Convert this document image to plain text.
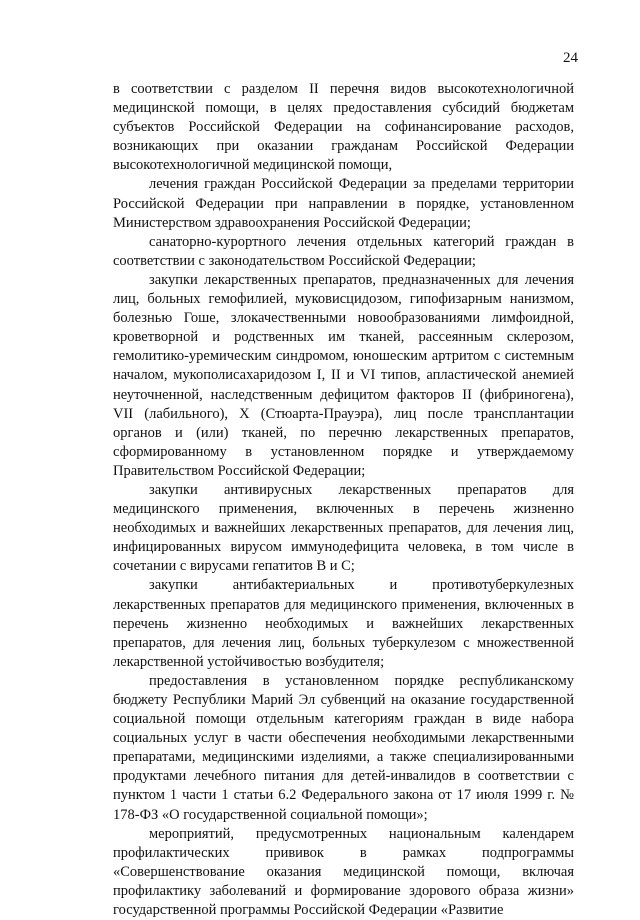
24

в соответствии с разделом II перечня видов высокотехнологичной медицинской помощи, в целях предоставления субсидий бюджетам субъектов Российской Федерации на софинансирование расходов, возникающих при оказании гражданам Российской Федерации высокотехнологичной медицинской помощи,

лечения граждан Российской Федерации за пределами территории Российской Федерации при направлении в порядке, установленном Министерством здравоохранения Российской Федерации;

санаторно-курортного лечения отдельных категорий граждан в соответствии с законодательством Российской Федерации;

закупки лекарственных препаратов, предназначенных для лечения лиц, больных гемофилией, муковисцидозом, гипофизарным нанизмом, болезнью Гоше, злокачественными новообразованиями лимфоидной, кроветворной и родственных им тканей, рассеянным склерозом, гемолитико-уремическим синдромом, юношеским артритом с системным началом, мукополисахаридозом I, II и VI типов, апластической анемией неуточненной, наследственным дефицитом факторов II (фибриногена), VII (лабильного), X (Стюарта-Прауэра), лиц после трансплантации органов и (или) тканей, по перечню лекарственных препаратов, сформированному в установленном порядке и утверждаемому Правительством Российской Федерации;

закупки антивирусных лекарственных препаратов для медицинского применения, включенных в перечень жизненно необходимых и важнейших лекарственных препаратов, для лечения лиц, инфицированных вирусом иммунодефицита человека, в том числе в сочетании с вирусами гепатитов B и C;

закупки антибактериальных и противотуберкулезных лекарственных препаратов для медицинского применения, включенных в перечень жизненно необходимых и важнейших лекарственных препаратов, для лечения лиц, больных туберкулезом с множественной лекарственной устойчивостью возбудителя;

предоставления в установленном порядке республиканскому бюджету Республики Марий Эл субвенций на оказание государственной социальной помощи отдельным категориям граждан в виде набора социальных услуг в части обеспечения необходимыми лекарственными препаратами, медицинскими изделиями, а также специализированными продуктами лечебного питания для детей-инвалидов в соответствии с пунктом 1 части 1 статьи 6.2 Федерального закона от 17 июля 1999 г. № 178-ФЗ «О государственной социальной помощи»;

мероприятий, предусмотренных национальным календарем профилактических прививок в рамках подпрограммы «Совершенствование оказания медицинской помощи, включая профилактику заболеваний и формирование здорового образа жизни» государственной программы Российской Федерации «Развитие
